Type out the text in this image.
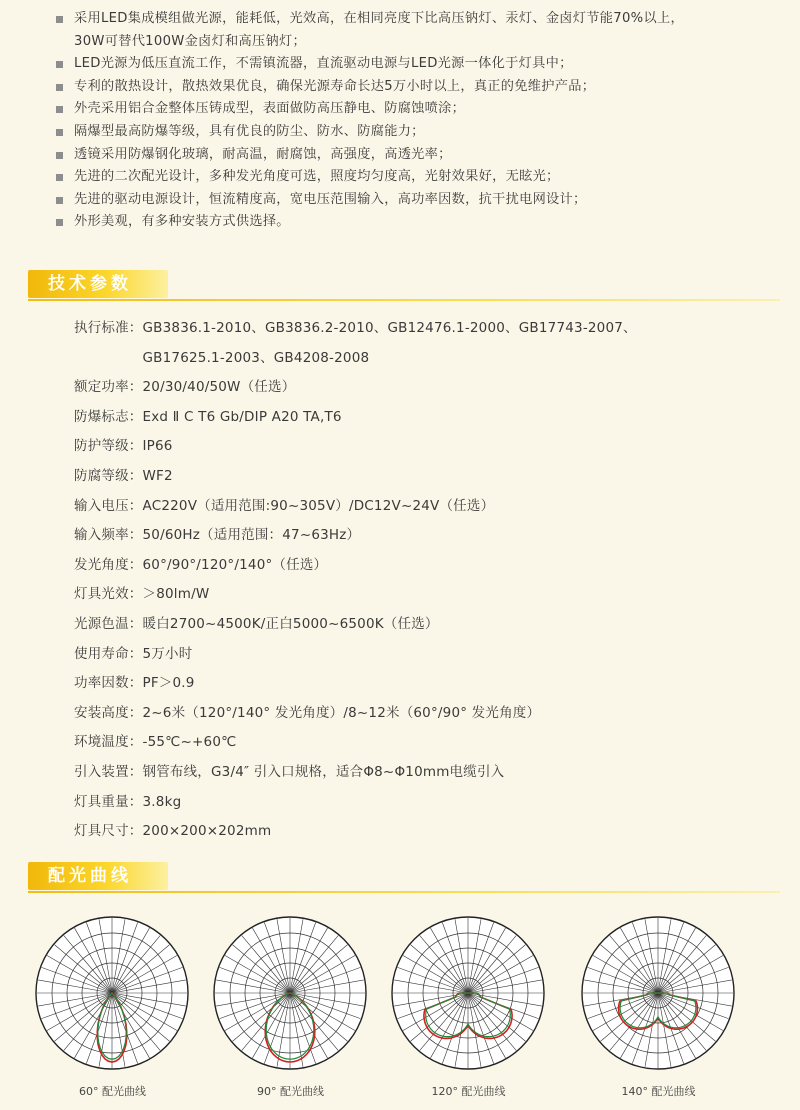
采用LED集成模组做光源，能耗低，光效高，在相同亮度下比高压钠灯、汞灯、金卤灯节能70%以上，
30W可替代100W金卤灯和高压钠灯；
LED光源为低压直流工作，不需镇流器，直流驱动电源与LED光源一体化于灯具中；
专利的散热设计，散热效果优良，确保光源寿命长达5万小时以上，真正的免维护产品；
外壳采用铝合金整体压铸成型，表面做防高压静电、防腐蚀喷涂；
隔爆型最高防爆等级，具有优良的防尘、防水、防腐能力；
透镜采用防爆钢化玻璃，耐高温，耐腐蚀，高强度，高透光率；
先进的二次配光设计，多种发光角度可选，照度均匀度高，光射效果好，无眩光；
先进的驱动电源设计，恒流精度高，宽电压范围输入，高功率因数，抗干扰电网设计；
外形美观，有多种安装方式供选择。
技术参数
执行标准： GB3836.1-2010、GB3836.2-2010、GB12476.1-2000、GB17743-2007、
GB17625.1-2003、GB4208-2008
额定功率： 20/30/40/50W（任选）
防爆标志： Exd Ⅱ C T6 Gb/DIP A20 TA,T6
防护等级： IP66
防腐等级： WF2
输入电压： AC220V（适用范围:90~305V）/DC12V~24V（任选）
输入频率： 50/60Hz（适用范围：47~63Hz）
发光角度： 60°/90°/120°/140°（任选）
灯具光效： ＞80lm/W
光源色温： 暖白2700~4500K/正白5000~6500K（任选）
使用寿命： 5万小时
功率因数： PF＞0.9
安装高度： 2~6米（120°/140° 发光角度）/8~12米（60°/90° 发光角度）
环境温度： -55℃~+60℃
引入装置： 钢管布线，G3/4″ 引入口规格，适合Φ8~Φ10mm电缆引入
灯具重量： 3.8kg
灯具尺寸： 200×200×202mm
配光曲线
60° 配光曲线	90° 配光曲线	120° 配光曲线	140° 配光曲线
